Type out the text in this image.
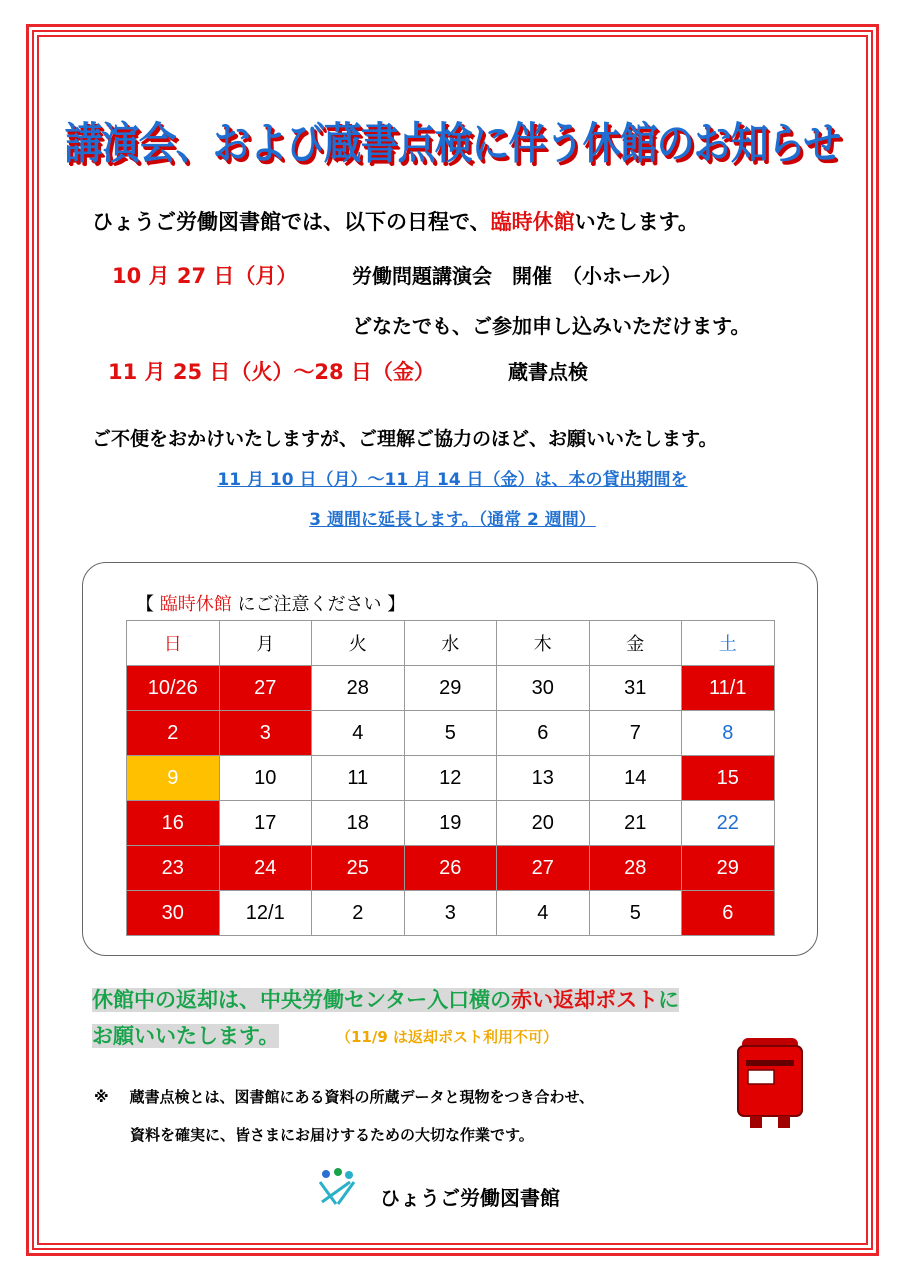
講演会、および蔵書点検に伴う休館のお知らせ
ひょうご労働図書館では、以下の日程で、臨時休館いたします。
10 月 27 日（月）	労働問題講演会　開催　（小ホール）
どなたでも、ご参加申し込みいただけます。
11 月 25 日（火）～28 日（金）	蔵書点検
ご不便をおかけいたしますが、ご理解ご協力のほど、お願いいたします。
11 月 10 日（月）～11 月 14 日（金）は、本の貸出期間を
3 週間に延長します。（通常 2 週間）
【 臨時休館 にご注意ください 】
日	月	火	水	木	金	土
10/26	27	28	29	30	31	11/1
2	3	4	5	6	7	8
9	10	11	12	13	14	15
16	17	18	19	20	21	22
23	24	25	26	27	28	29
30	12/1	2	3	4	5	6
休館中の返却は、中央労働センター入口横の赤い返却ポストに
お願いいたします。	（11/9 は返却ポスト利用不可）
※ 蔵書点検とは、図書館にある資料の所蔵データと現物をつき合わせ、
資料を確実に、皆さまにお届けするための大切な作業です。
ひょうご労働図書館
